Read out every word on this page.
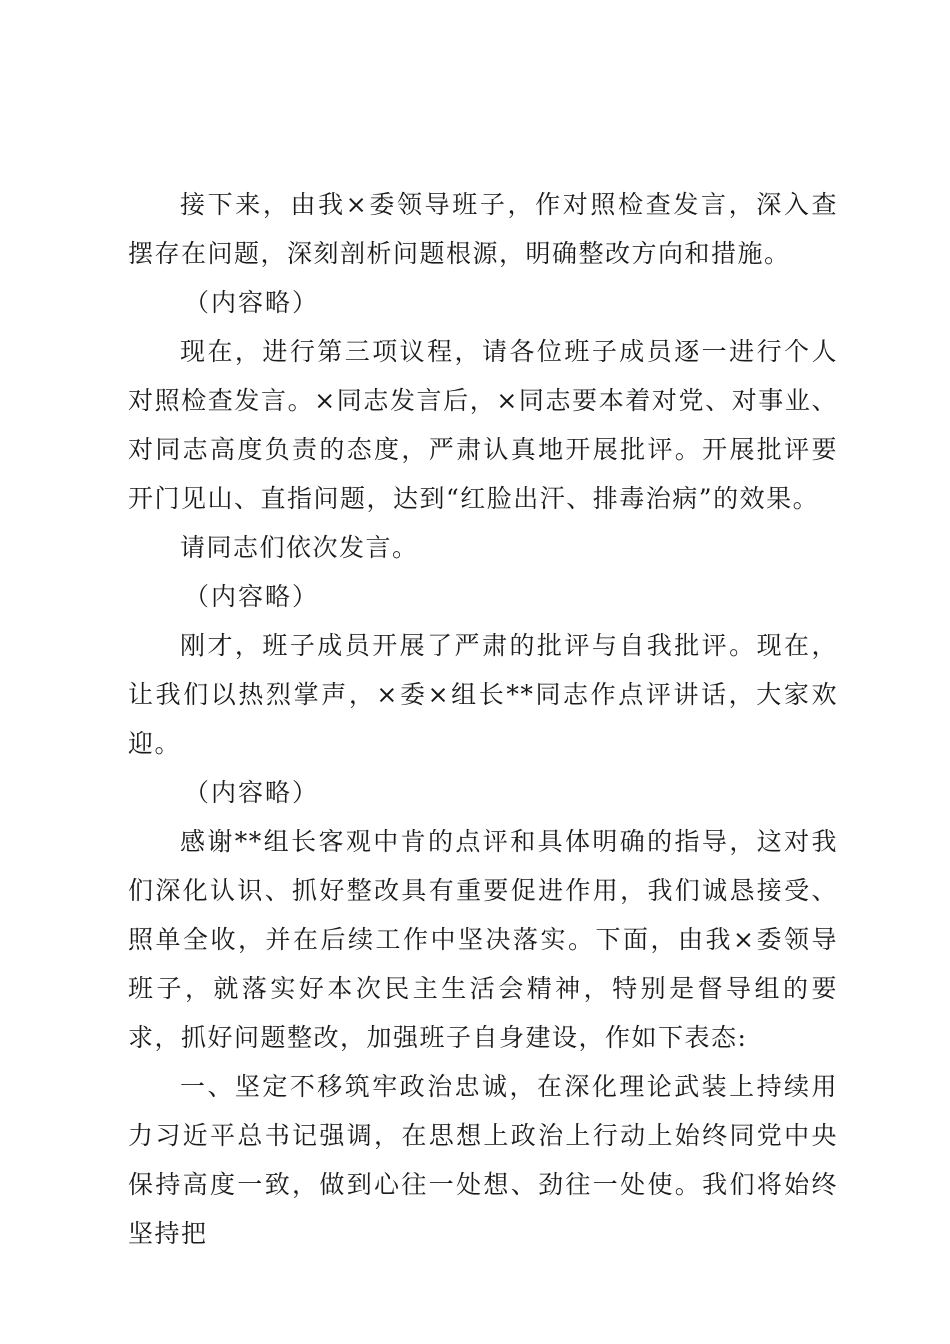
接下来，由我×委领导班子，作对照检查发言，深入查摆存在问题，深刻剖析问题根源，明确整改方向和措施。

（内容略）

现在，进行第三项议程，请各位班子成员逐一进行个人对照检查发言。×同志发言后，×同志要本着对党、对事业、对同志高度负责的态度，严肃认真地开展批评。开展批评要开门见山、直指问题，达到“红脸出汗、排毒治病”的效果。

请同志们依次发言。

（内容略）

刚才，班子成员开展了严肃的批评与自我批评。现在，让我们以热烈掌声，×委×组长**同志作点评讲话，大家欢迎。

（内容略）

感谢**组长客观中肯的点评和具体明确的指导，这对我们深化认识、抓好整改具有重要促进作用，我们诚恳接受、照单全收，并在后续工作中坚决落实。下面，由我×委领导班子，就落实好本次民主生活会精神，特别是督导组的要求，抓好问题整改，加强班子自身建设，作如下表态:

一、坚定不移筑牢政治忠诚，在深化理论武装上持续用力习近平总书记强调，在思想上政治上行动上始终同党中央保持高度一致，做到心往一处想、劲往一处使。我们将始终坚持把
